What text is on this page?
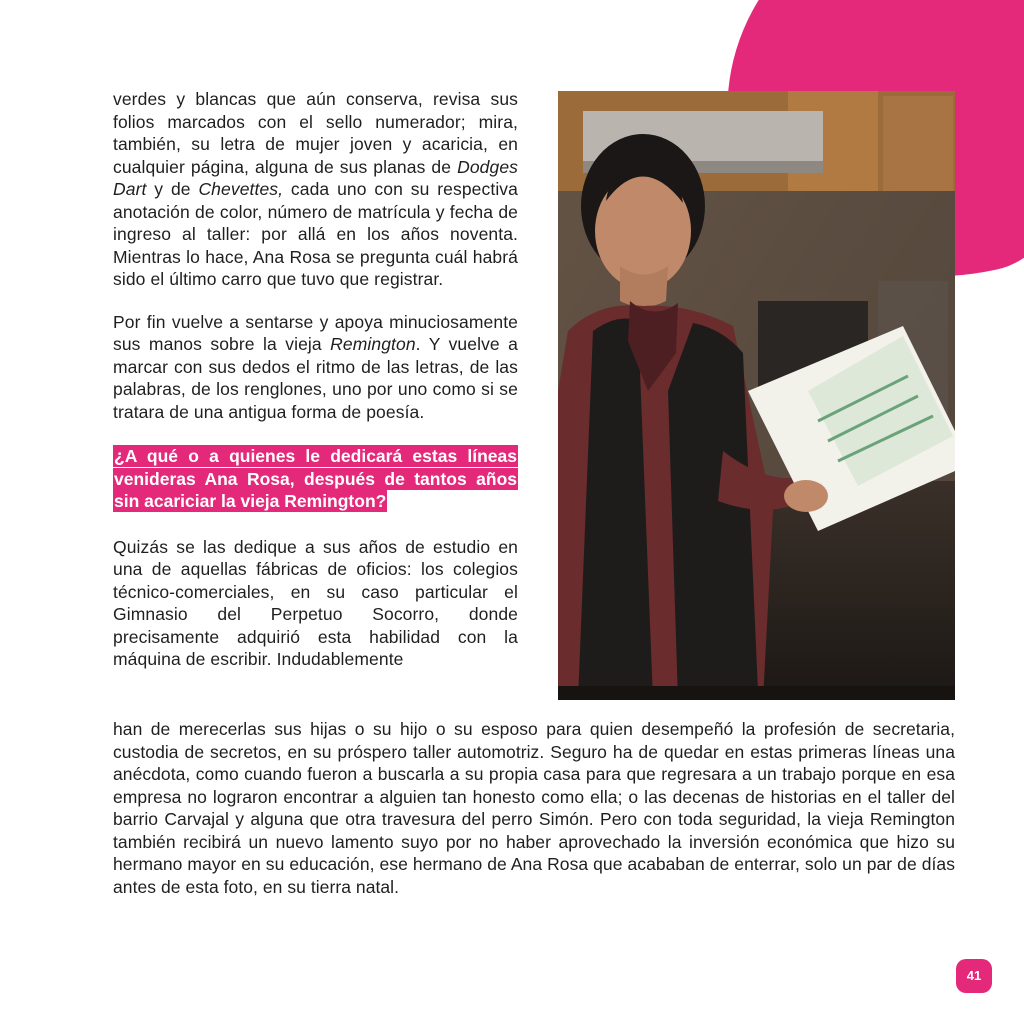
verdes y blancas que aún conserva, revisa sus folios marcados con el sello numerador; mira, también, su letra de mujer joven y acaricia, en cualquier página, alguna de sus planas de Dodges Dart y de Chevettes, cada uno con su respectiva anotación de color, número de matrícula y fecha de ingreso al taller: por allá en los años noventa. Mientras lo hace, Ana Rosa se pregunta cuál habrá sido el último carro que tuvo que registrar.

Por fin vuelve a sentarse y apoya minuciosamente sus manos sobre la vieja Remington. Y vuelve a marcar con sus dedos el ritmo de las letras, de las palabras, de los renglones, uno por uno como si se tratara de una antigua forma de poesía.

¿A qué o a quienes le dedicará estas líneas venideras Ana Rosa, después de tantos años sin acariciar la vieja Remington?

Quizás se las dedique a sus años de estudio en una de aquellas fábricas de oficios: los colegios técnico-comerciales, en su caso particular el Gimnasio del Perpetuo Socorro, donde precisamente adquirió esta habilidad con la máquina de escribir. Indudablemente

han de merecerlas sus hijas o su hijo o su esposo para quien desempeñó la profesión de secretaria, custodia de secretos, en su próspero taller automotriz. Seguro ha de quedar en estas primeras líneas una anécdota, como cuando fueron a buscarla a su propia casa para que regresara a un trabajo porque en esa empresa no lograron encontrar a alguien tan honesto como ella; o las decenas de historias en el taller del barrio Carvajal y alguna que otra travesura del perro Simón. Pero con toda seguridad, la vieja Remington también recibirá un nuevo lamento suyo por no haber aprovechado la inversión económica que hizo su hermano mayor en su educación, ese hermano de Ana Rosa que acababan de enterrar, solo un par de días antes de esta foto, en su tierra natal.

41
